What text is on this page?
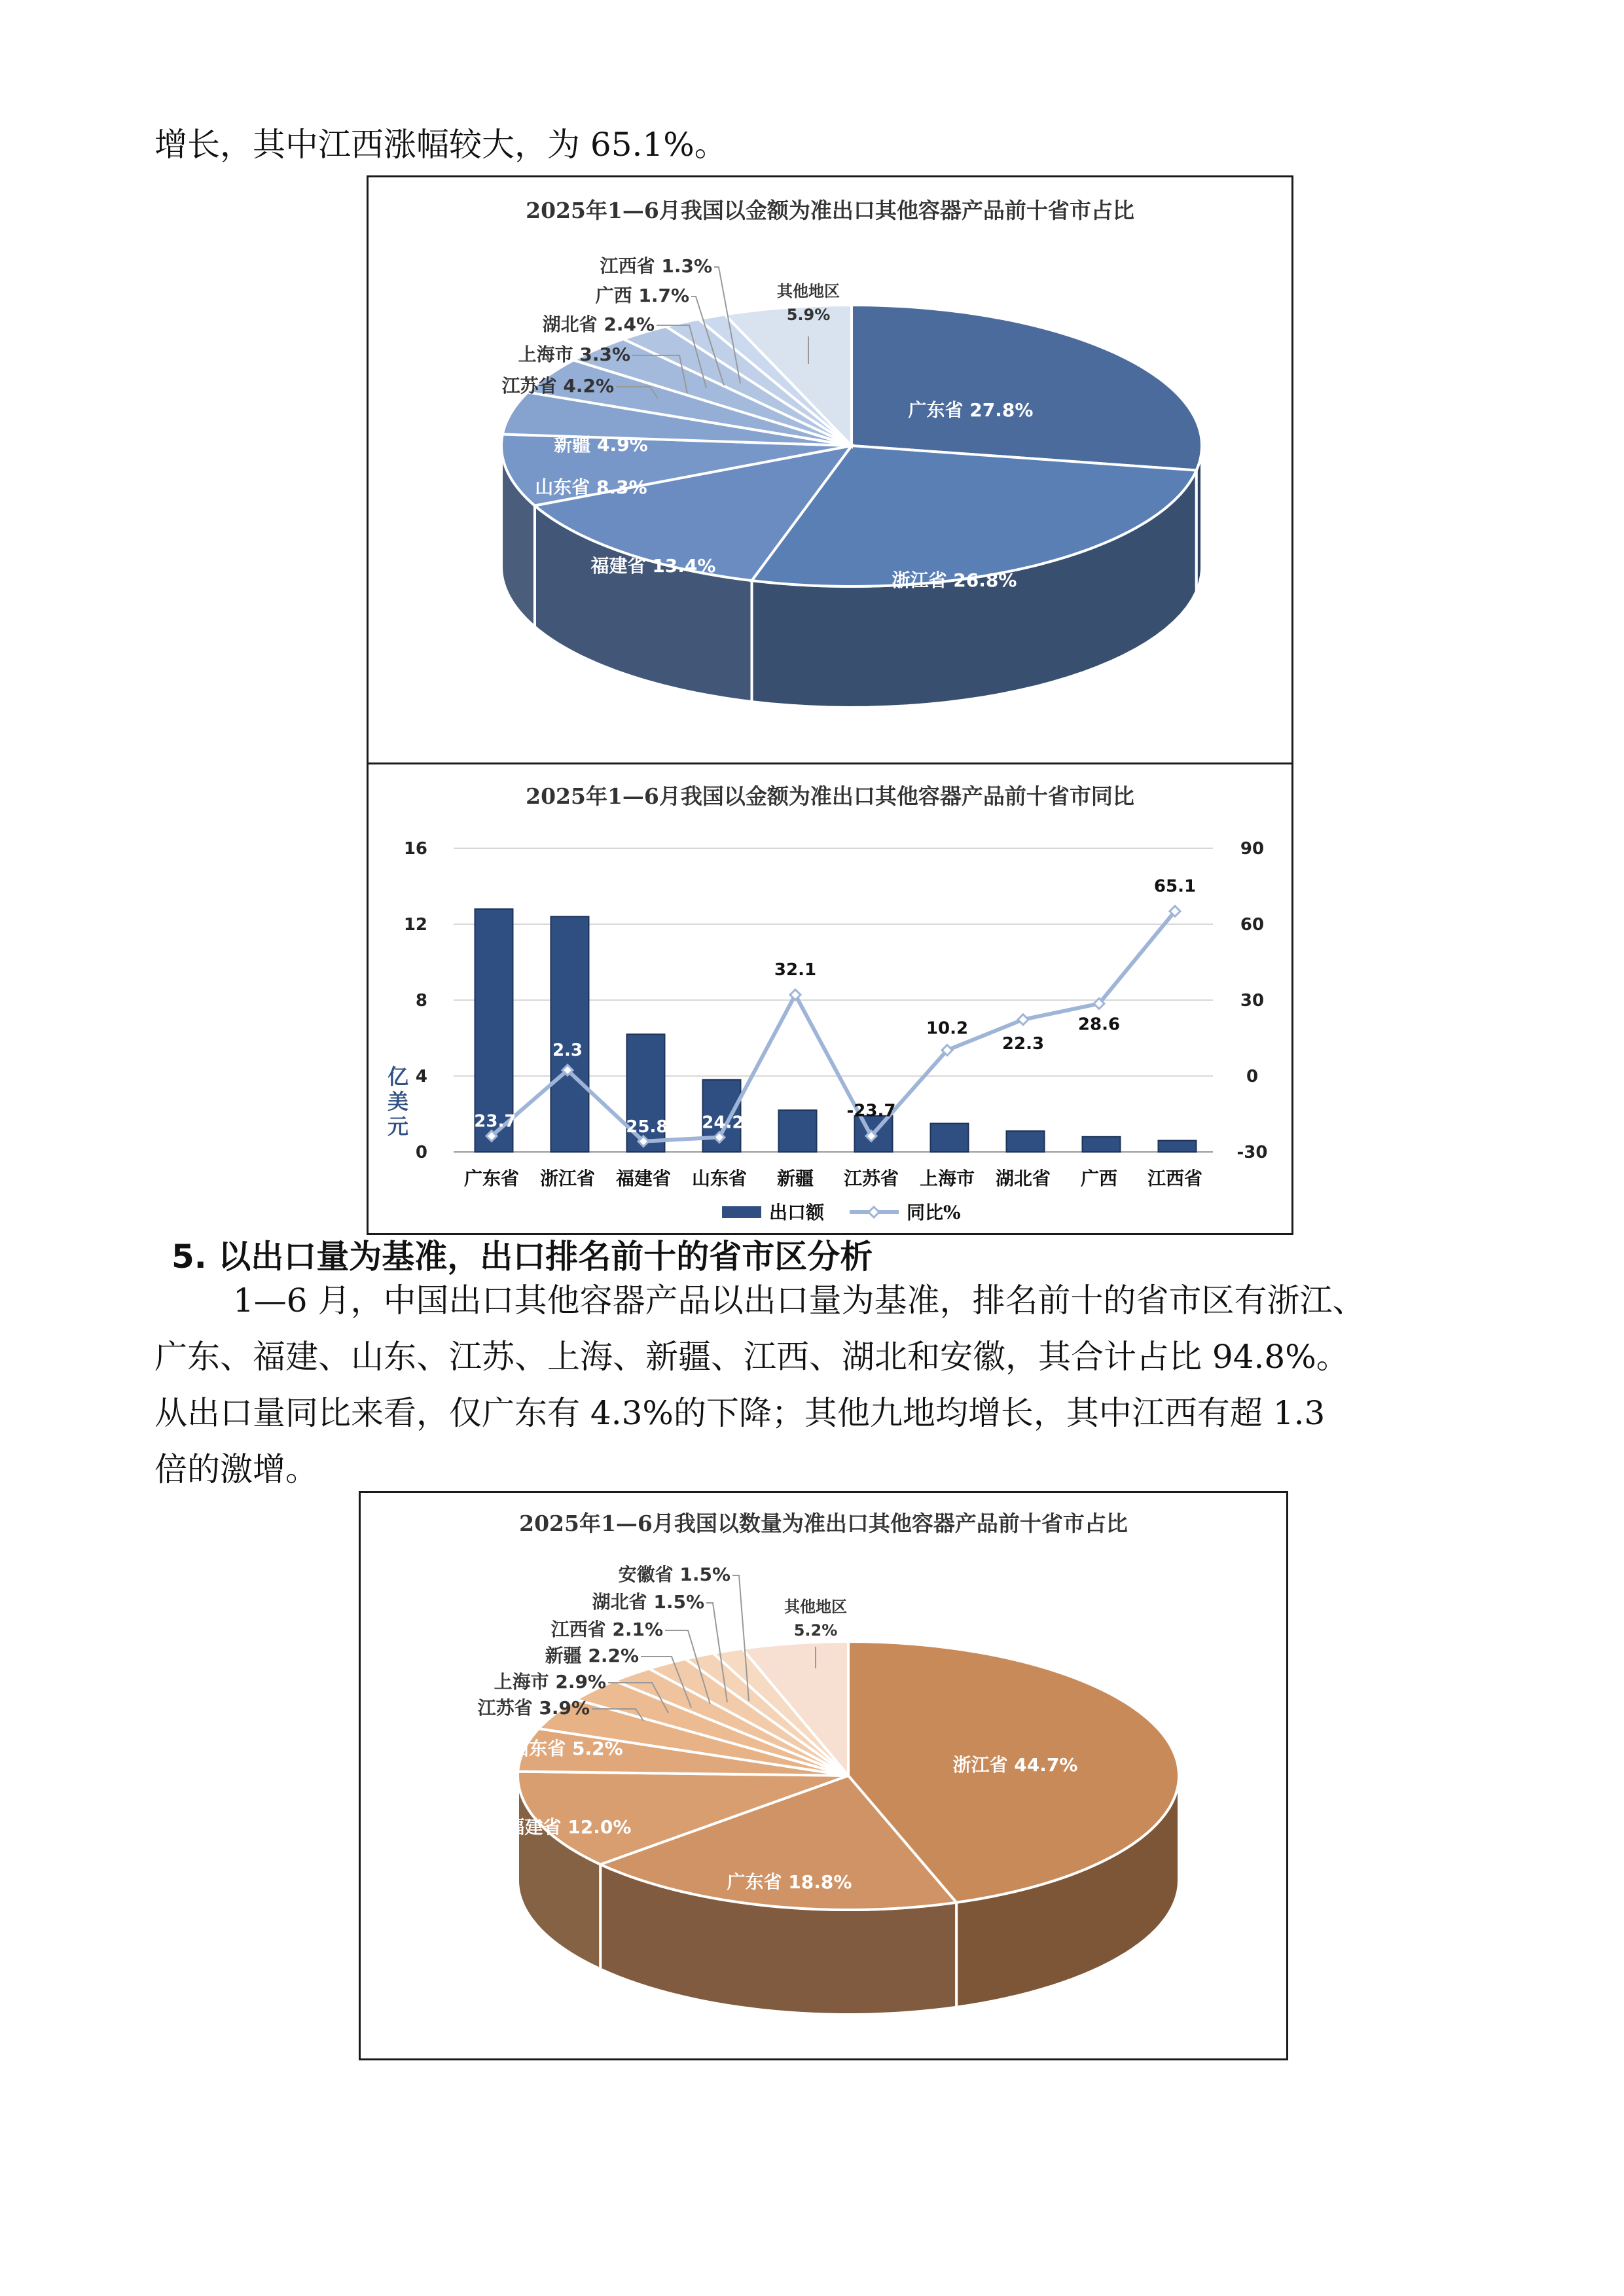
增长，其中江西涨幅较大，为 65.1%。

2025年1—6月我国以金额为准出口其他容器产品前十省市占比
广东省 27.8%
浙江省 26.8%
福建省 13.4%
山东省 8.3%
新疆 4.9%
江苏省 4.2%
上海市 3.3%
湖北省 2.4%
广西 1.7%
江西省 1.3%
其他地区
5.9%
2025年1—6月我国以金额为准出口其他容器产品前十省市同比
0
4
8
12
16
-30
0
30
60
90
亿
美
元
广东省 浙江省 福建省 山东省 新疆 江苏省 上海市 湖北省 广西 江西省
-23.7
2.3
-25.8 -24.2
32.1
-23.7
10.2
22.3
28.6
65.1
出口额	同比%
5. 以出口量为基准，出口排名前十的省市区分析

1—6 月，中国出口其他容器产品以出口量为基准，排名前十的省市区有浙江、

广东、福建、山东、江苏、上海、新疆、江西、湖北和安徽，其合计占比 94.8%。

从出口量同比来看，仅广东有 4.3%的下降；其他九地均增长，其中江西有超 1.3

倍的激增。

2025年1—6月我国以数量为准出口其他容器产品前十省市占比
浙江省 44.7%
广东省 18.8%
福建省 12.0%
山东省 5.2%
江苏省 3.9%
上海市 2.9%
新疆 2.2%
江西省 2.1%
湖北省 1.5%
安徽省 1.5%
其他地区
5.2%
